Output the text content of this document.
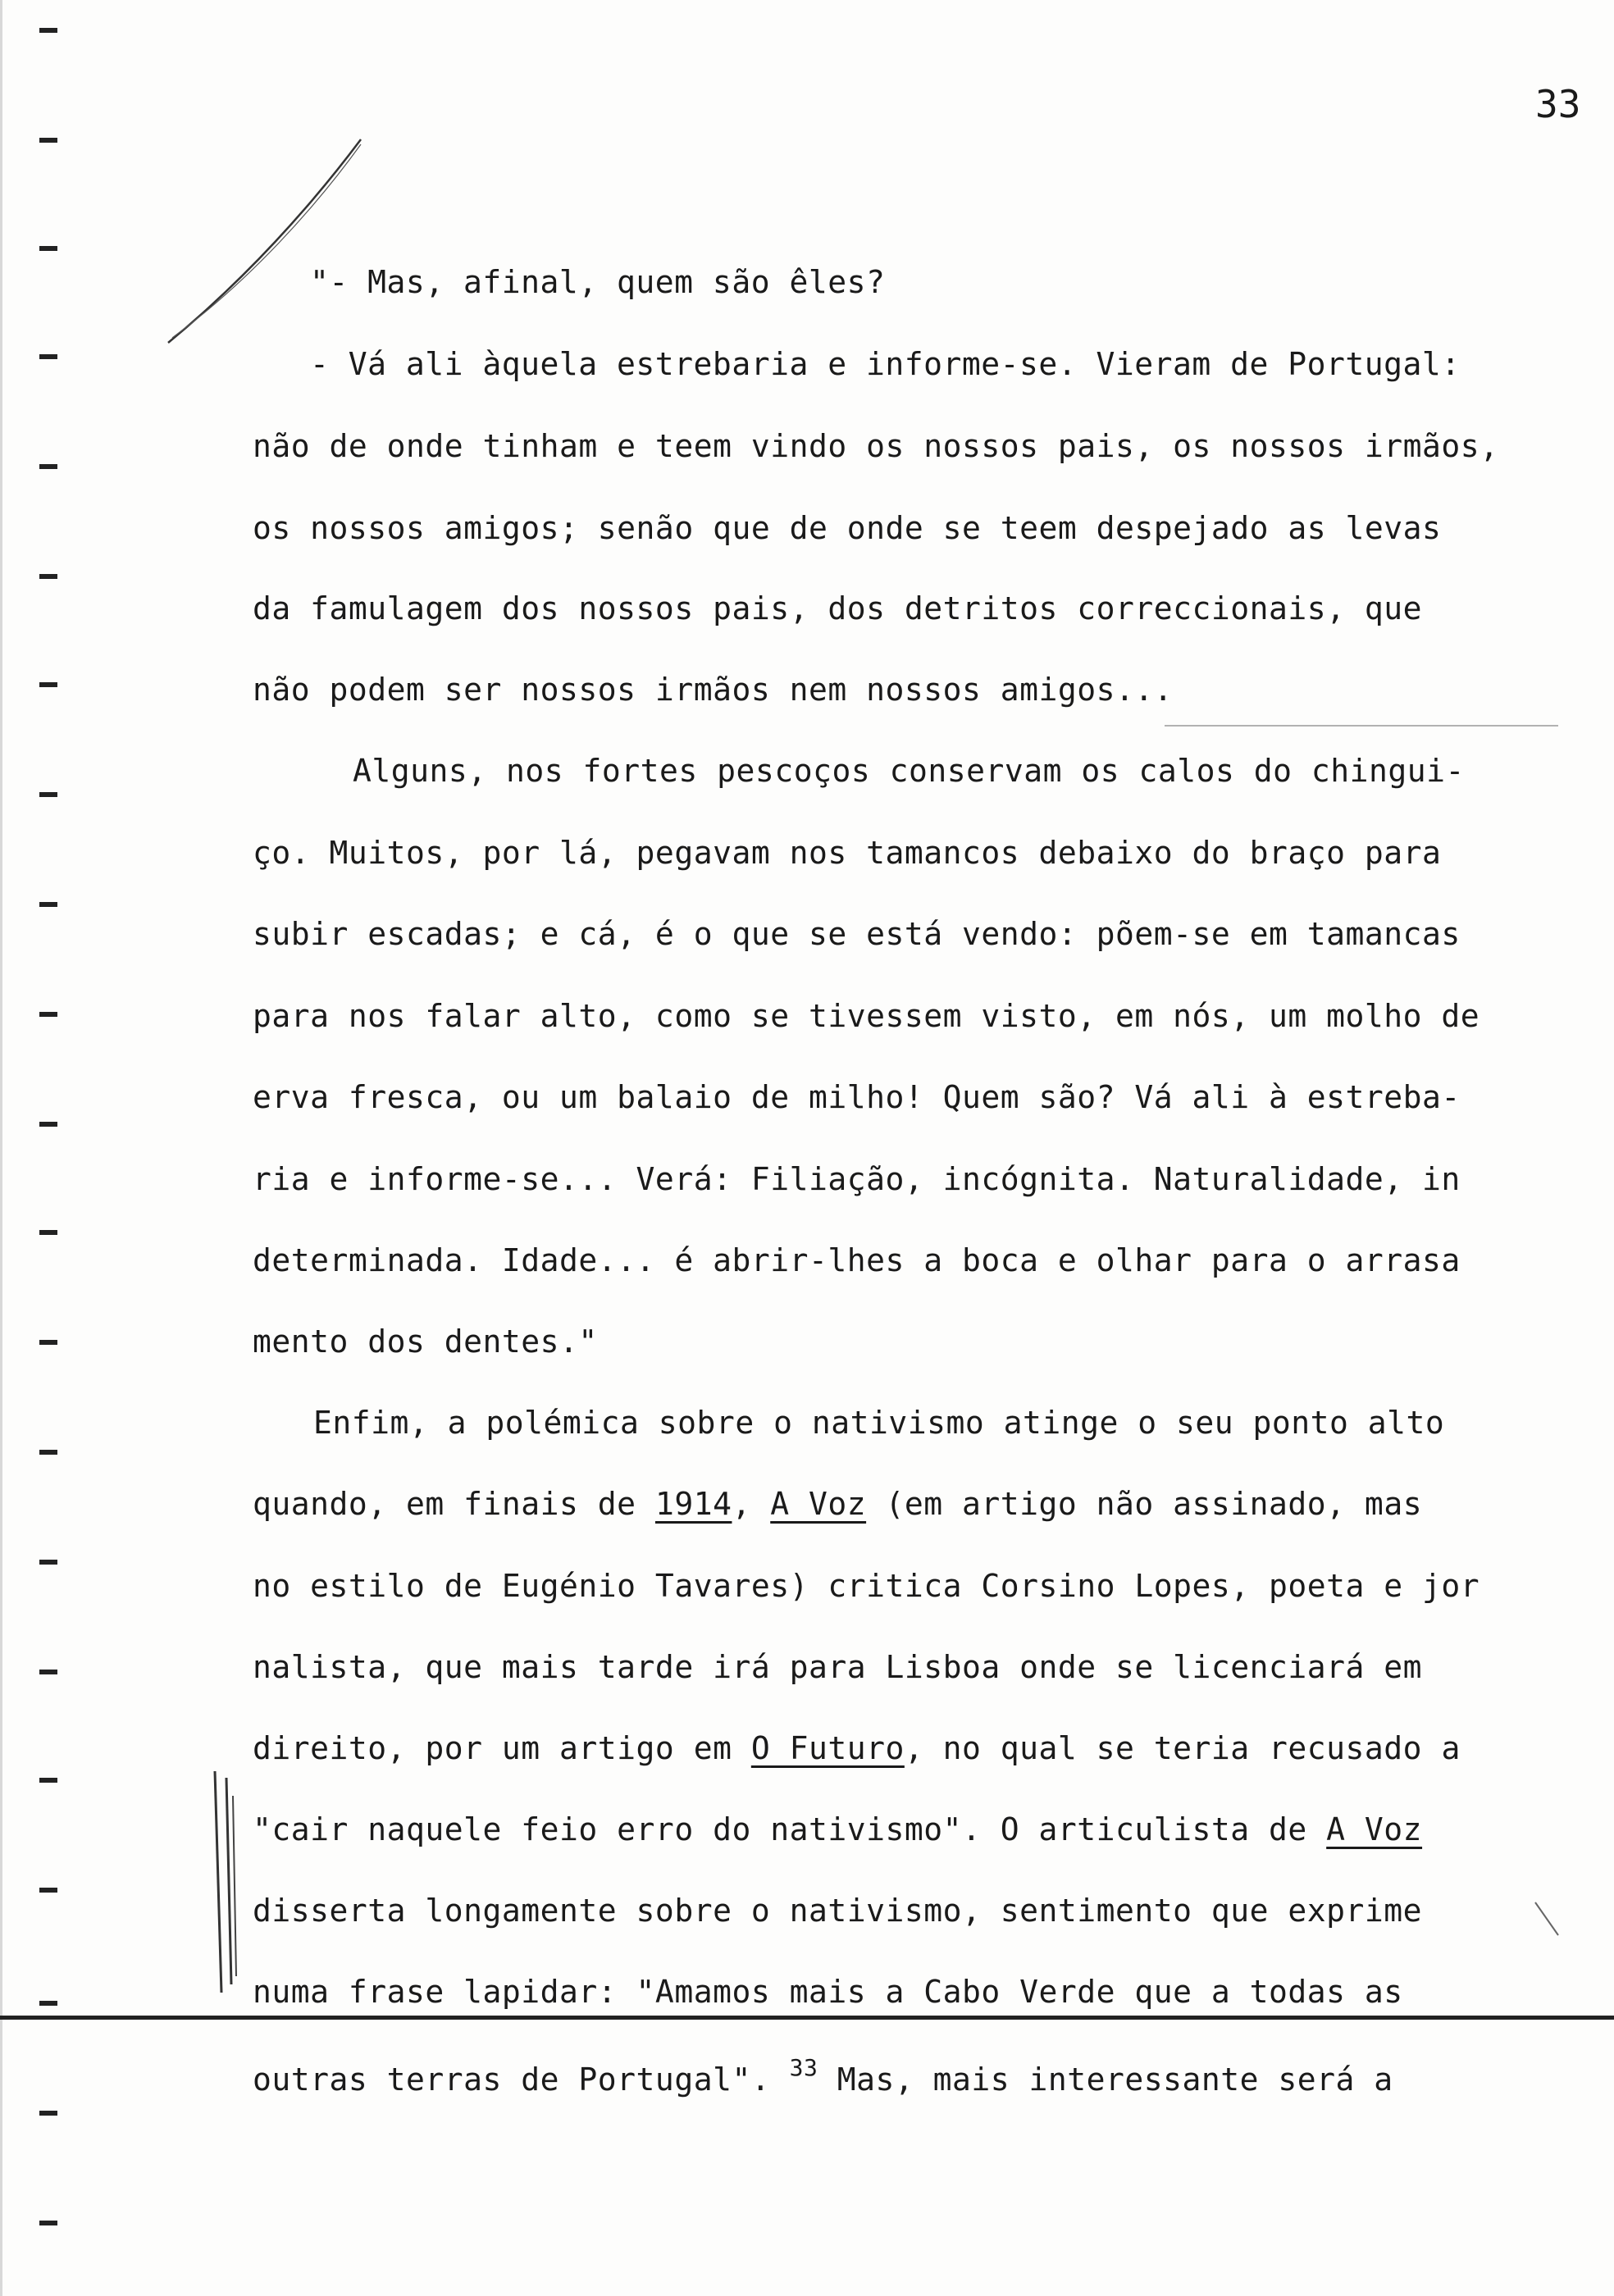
33
"- Mas, afinal, quem são êles?
- Vá ali àquela estrebaria e informe-se. Vieram de Portugal:
não de onde tinham e teem vindo os nossos pais, os nossos irmãos,
os nossos amigos; senão que de onde se teem despejado as levas
da famulagem dos nossos pais, dos detritos correccionais, que
não podem ser nossos irmãos nem nossos amigos...
Alguns, nos fortes pescoços conservam os calos do chingui-
ço. Muitos, por lá, pegavam nos tamancos debaixo do braço para
subir escadas; e cá, é o que se está vendo: põem-se em tamancas
para nos falar alto, como se tivessem visto, em nós, um molho de
erva fresca, ou um balaio de milho! Quem são? Vá ali à estreba-
ria e informe-se... Verá: Filiação, incógnita. Naturalidade, in
determinada. Idade... é abrir-lhes a boca e olhar para o arrasa
mento dos dentes."
Enfim, a polémica sobre o nativismo atinge o seu ponto alto
quando, em finais de 1914, A Voz (em artigo não assinado, mas
no estilo de Eugénio Tavares) critica Corsino Lopes, poeta e jor
nalista, que mais tarde irá para Lisboa onde se licenciará em
direito, por um artigo em O Futuro, no qual se teria recusado a
"cair naquele feio erro do nativismo". O articulista de A Voz
disserta longamente sobre o nativismo, sentimento que exprime
numa frase lapidar: "Amamos mais a Cabo Verde que a todas as
outras terras de Portugal". $^{33}$ Mas, mais interessante será a
